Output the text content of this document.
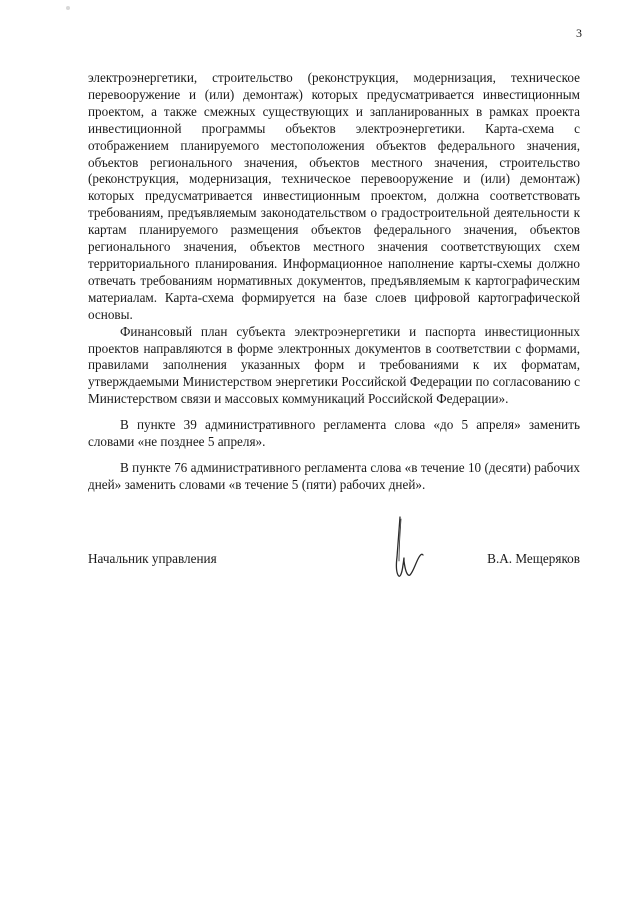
3

электроэнергетики, строительство (реконструкция, модернизация, техническое перевооружение и (или) демонтаж) которых предусматривается инвестиционным проектом, а также смежных существующих и запланированных в рамках проекта инвестиционной программы объектов электроэнергетики. Карта-схема с отображением планируемого местоположения объектов федерального значения, объектов регионального значения, объектов местного значения, строительство (реконструкция, модернизация, техническое перевооружение и (или) демонтаж) которых предусматривается инвестиционным проектом, должна соответствовать требованиям, предъявляемым законодательством о градостроительной деятельности к картам планируемого размещения объектов федерального значения, объектов регионального значения, объектов местного значения соответствующих схем территориального планирования. Информационное наполнение карты-схемы должно отвечать требованиям нормативных документов, предъявляемым к картографическим материалам. Карта-схема формируется на базе слоев цифровой картографической основы.

Финансовый план субъекта электроэнергетики и паспорта инвестиционных проектов направляются в форме электронных документов в соответствии с формами, правилами заполнения указанных форм и требованиями к их форматам, утверждаемыми Министерством энергетики Российской Федерации по согласованию с Министерством связи и массовых коммуникаций Российской Федерации».

В пункте 39 административного регламента слова «до 5 апреля» заменить словами «не позднее 5 апреля».

В пункте 76 административного регламента слова «в течение 10 (десяти) рабочих дней» заменить словами «в течение 5 (пяти) рабочих дней».

Начальник управления	В.А. Мещеряков
